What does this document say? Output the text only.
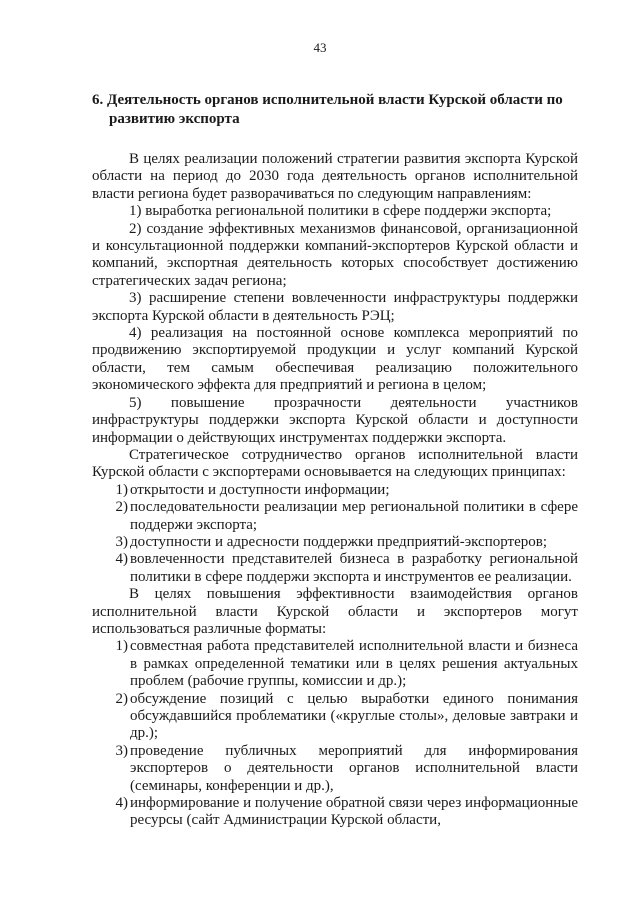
43
6. Деятельность органов исполнительной власти Курской области по
развитию экспорта

В целях реализации положений стратегии развития экспорта Курской области на период до 2030 года деятельность органов исполнительной власти региона будет разворачиваться по следующим направлениям:

1) выработка региональной политики в сфере поддержи экспорта;

2) создание эффективных механизмов финансовой, организационной и консультационной поддержки компаний-экспортеров Курской области и компаний, экспортная деятельность которых способствует достижению стратегических задач региона;

3) расширение степени вовлеченности инфраструктуры поддержки экспорта Курской области в деятельность РЭЦ;

4) реализация на постоянной основе комплекса мероприятий по продвижению экспортируемой продукции и услуг компаний Курской области, тем самым обеспечивая реализацию положительного экономического эффекта для предприятий и региона в целом;

5) повышение прозрачности деятельности участников инфраструктуры поддержки экспорта Курской области и доступности информации о действующих инструментах поддержки экспорта.

Стратегическое сотрудничество органов исполнительной власти Курской области с экспортерами основывается на следующих принципах:

1) открытости и доступности информации;
2) последовательности реализации мер региональной политики в сфере поддержи экспорта;
3) доступности и адресности поддержки предприятий-экспортеров;
4) вовлеченности представителей бизнеса в разработку региональной политики в сфере поддержи экспорта и инструментов ее реализации.

В целях повышения эффективности взаимодействия органов исполнительной власти Курской области и экспортеров могут использоваться различные форматы:

1) совместная работа представителей исполнительной власти и бизнеса в рамках определенной тематики или в целях решения актуальных проблем (рабочие группы, комиссии и др.);
2) обсуждение позиций с целью выработки единого понимания обсуждавшийся проблематики («круглые столы», деловые завтраки и др.);
3) проведение публичных мероприятий для информирования экспортеров о деятельности органов исполнительной власти (семинары, конференции и др.),
4) информирование и получение обратной связи через информационные ресурсы (сайт Администрации Курской области,
